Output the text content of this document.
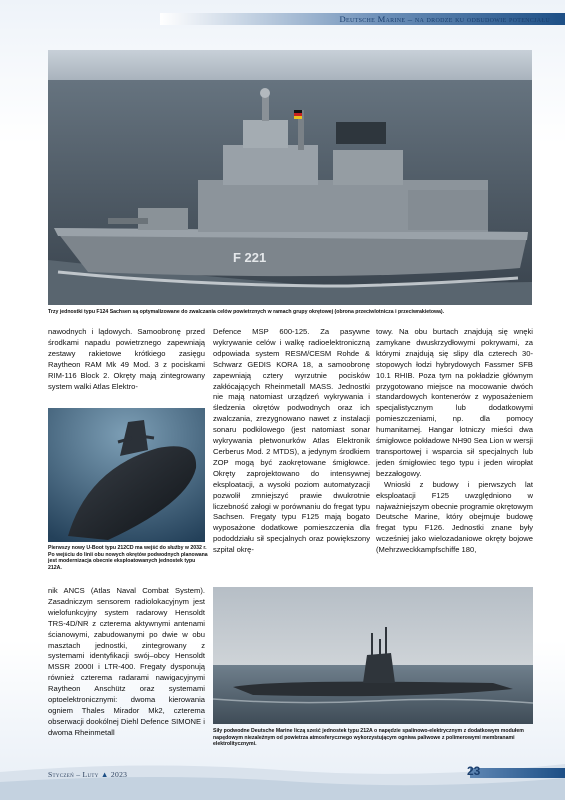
Deutsche Marine – na drodze ku odbudowie potencjału
F 221
Trzy jednostki typu F124 Sachsen są optymalizowane do zwalczania celów powietrznych w ramach grupy okrętowej (obrona przeciwlotnicza i przeciwrakietowa).
Pierwszy nowy U-Boot typu 212CD ma wejść do służby w 2032 r. Po wejściu do linii obu nowych okrętów podwodnych planowana jest modernizacja obecnie eksploatowanych jednostek typu 212A.
Siły podwodne Deutsche Marine liczą sześć jednostek typu 212A o napędzie spalinowo-elektrycznym z dodatkowym modułem napędowym niezależnym od powietrza atmosferycznego wykorzystującym ogniwa paliwowe z polimerowymi membranami elektrolitycznymi.

nawodnych i lądowych. Samoobronę przed środkami napadu powietrznego zapewniają zestawy rakietowe krótkiego zasięgu Raytheon RAM Mk 49 Mod. 3 z pociskami RIM-116 Block 2. Okręty mają zintegrowany system walki Atlas Elektro-

nik ANCS (Atlas Naval Combat System). Zasadniczym sensorem radiolokacyjnym jest wielofunkcyjny system radarowy Hensoldt TRS-4D/NR z czterema aktywnymi antenami ścianowymi, zabudowanymi po dwie w obu masztach jednostki, zintegrowany z systemami identyfikacji swój–obcy Hensoldt MSSR 2000I i LTR-400. Fregaty dysponują również czterema radarami nawigacyjnymi Raytheon Anschütz oraz systemami optoelektronicznymi: dwoma kierowania ogniem Thales Mirador Mk2, czterema obserwacji dookólnej Diehl Defence SIMONE i dwoma Rheinmetall

Defence MSP 600-125. Za pasywne wykrywanie celów i walkę radioelektroniczną odpowiada system RESM/CESM Rohde & Schwarz GEDIS KORA 18, a samoobronę zapewniają cztery wyrzutnie pocisków zakłócających Rheinmetall MASS. Jednostki nie mają natomiast urządzeń wykrywania i śledzenia okrętów podwodnych oraz ich zwalczania, zrezygnowano nawet z instalacji sonaru podkilowego (jest natomiast sonar wykrywania płetwonurków Atlas Elektronik Cerberus Mod. 2 MTDS), a jedynym środkiem ZOP mogą być zaokrętowane śmigłowce. Okręty zaprojektowano do intensywnej eksploatacji, a wysoki poziom automatyzacji pozwolił zmniejszyć prawie dwukrotnie liczebność załogi w porównaniu do fregat typu Sachsen. Fregaty typu F125 mają bogato wyposażone dodatkowe pomieszczenia dla pododdziału sił specjalnych oraz powiększony szpital okrę-

towy. Na obu burtach znajdują się wnęki zamykane dwuskrzydłowymi pokrywami, za którymi znajdują się slipy dla czterech 30-stopowych łodzi hybrydowych Fassmer SFB 10.1 RHIB. Poza tym na pokładzie głównym przygotowano miejsce na mocowanie dwóch standardowych kontenerów z wyposażeniem specjalistycznym lub dodatkowymi pomieszczeniami, np. dla pomocy humanitarnej. Hangar lotniczy mieści dwa śmigłowce pokładowe NH90 Sea Lion w wersji transportowej i wsparcia sił specjalnych lub jeden śmigłowiec tego typu i jeden wiropłat bezzałogowy.

Wnioski z budowy i pierwszych lat eksploatacji F125 uwzględniono w najważniejszym obecnie programie okrętowym Deutsche Marine, który obejmuje budowę fregat typu F126. Jednostki znane były wcześniej jako wielozadaniowe okręty bojowe (Mehrzweckkampfschiffe 180,

Styczeń – Luty ▲ 2023	23
